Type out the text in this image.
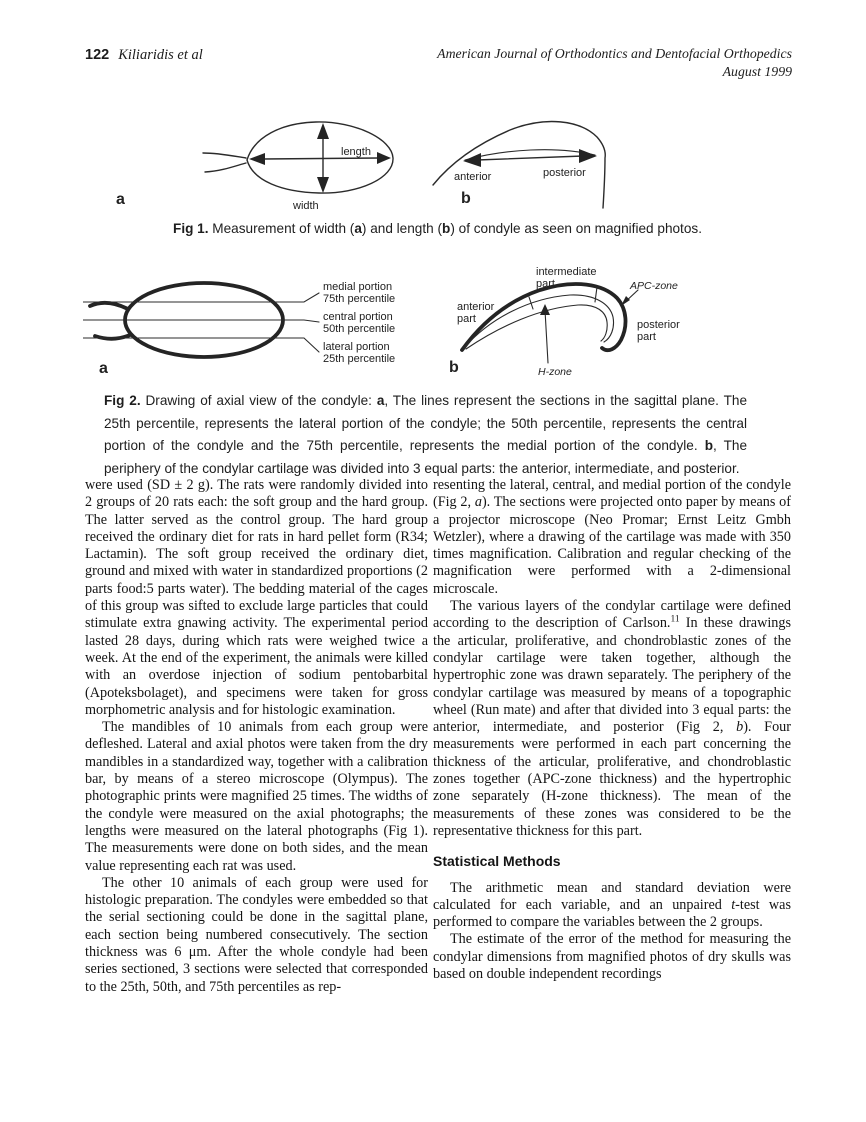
122 Kiliaridis et al	American Journal of Orthodontics and Dentofacial Orthopedics
August 1999
a
length
width
anterior	posterior
b
Fig 1. Measurement of width (a) and length (b) of condyle as seen on magnified photos.
medial portion
75th percentile
central portion
50th percentile
lateral portion
25th percentile
a
intermediate
part	APC-zone
anterior
part	posterior
part
H-zone
b
Fig 2. Drawing of axial view of the condyle: a, The lines represent the sections in the sagittal plane. The 25th percentile, represents the lateral portion of the condyle; the 50th percentile, represents the central portion of the condyle and the 75th percentile, represents the medial portion of the condyle. b, The periphery of the condylar cartilage was divided into 3 equal parts: the anterior, intermediate, and posterior.

were used (SD ± 2 g). The rats were randomly divided into 2 groups of 20 rats each: the soft group and the hard group. The latter served as the control group. The hard group received the ordinary diet for rats in hard pellet form (R34; Lactamin). The soft group received the ordinary diet, ground and mixed with water in standardized proportions (2 parts food:5 parts water). The bedding material of the cages of this group was sifted to exclude large particles that could stimulate extra gnawing activity. The experimental period lasted 28 days, during which rats were weighed twice a week. At the end of the experiment, the animals were killed with an overdose injection of sodium pentobarbital (Apoteksbolaget), and specimens were taken for gross morphometric analysis and for histologic examination.

The mandibles of 10 animals from each group were defleshed. Lateral and axial photos were taken from the dry mandibles in a standardized way, together with a calibration bar, by means of a stereo microscope (Olympus). The photographic prints were magnified 25 times. The widths of the condyle were measured on the axial photographs; the lengths were measured on the lateral photographs (Fig 1). The measurements were done on both sides, and the mean value representing each rat was used.

The other 10 animals of each group were used for histologic preparation. The condyles were embedded so that the serial sectioning could be done in the sagittal plane, each section being numbered consecutively. The section thickness was 6 μm. After the whole condyle had been series sectioned, 3 sections were selected that corresponded to the 25th, 50th, and 75th percentiles as rep-

resenting the lateral, central, and medial portion of the condyle (Fig 2, a). The sections were projected onto paper by means of a projector microscope (Neo Promar; Ernst Leitz Gmbh Wetzler), where a drawing of the cartilage was made with 350 times magnification. Calibration and regular checking of the magnification were performed with a 2-dimensional microscale.

The various layers of the condylar cartilage were defined according to the description of Carlson.$^{11}$ In these drawings the articular, proliferative, and chondroblastic zones of the condylar cartilage were taken together, although the hypertrophic zone was drawn separately. The periphery of the condylar cartilage was measured by means of a topographic wheel (Run mate) and after that divided into 3 equal parts: the anterior, intermediate, and posterior (Fig 2, b). Four measurements were performed in each part concerning the thickness of the articular, proliferative, and chondroblastic zones together (APC-zone thickness) and the hypertrophic zone separately (H-zone thickness). The mean of the measurements of these zones was considered to be the representative thickness for this part.

Statistical Methods

The arithmetic mean and standard deviation were calculated for each variable, and an unpaired t-test was performed to compare the variables between the 2 groups.

The estimate of the error of the method for measuring the condylar dimensions from magnified photos of dry skulls was based on double independent recordings
